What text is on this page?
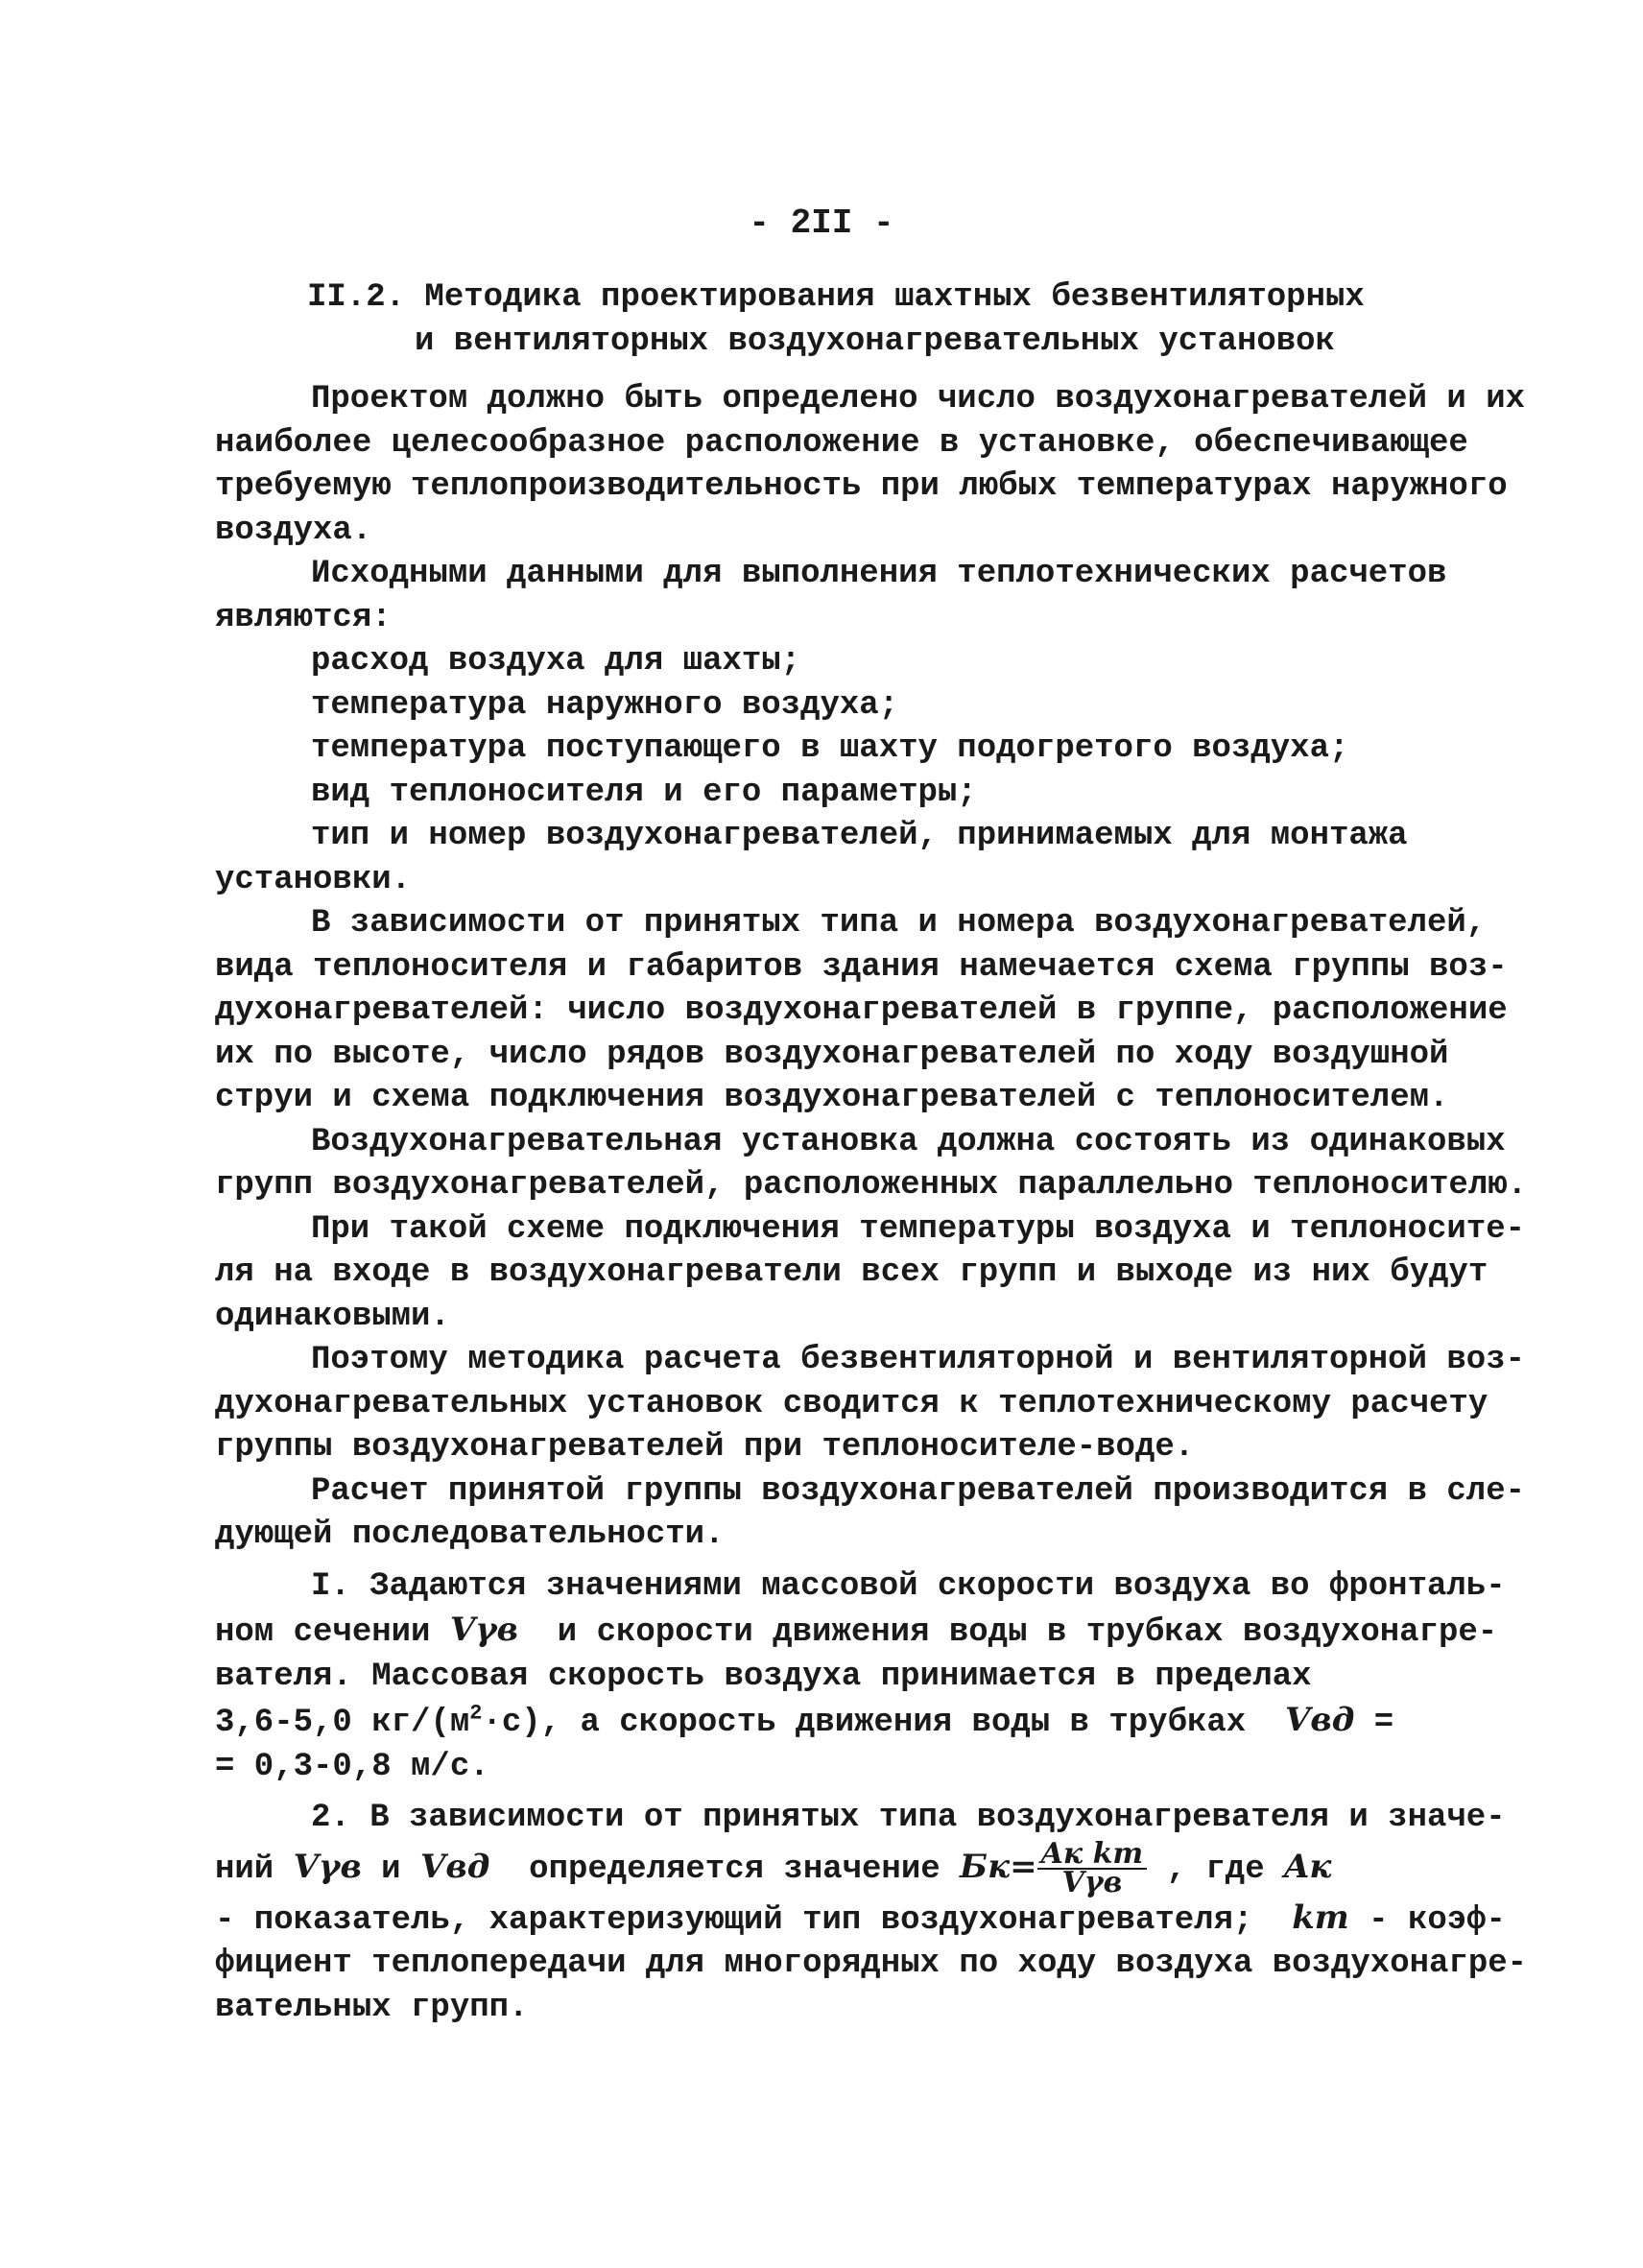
- 2II -
II.2. Методика проектирования шахтных безвентиляторных
и вентиляторных воздухонагревательных установок
Проектом должно быть определено число воздухонагревателей и их
наиболее целесообразное расположение в установке, обеспечивающее
требуемую теплопроизводительность при любых температурах наружного
воздуха.
Исходными данными для выполнения теплотехнических расчетов
являются:
расход воздуха для шахты;
температура наружного воздуха;
температура поступающего в шахту подогретого воздуха;
вид теплоносителя и его параметры;
тип и номер воздухонагревателей, принимаемых для монтажа
установки.
В зависимости от принятых типа и номера воздухонагревателей,
вида теплоносителя и габаритов здания намечается схема группы воз-
духонагревателей: число воздухонагревателей в группе, расположение
их по высоте, число рядов воздухонагревателей по ходу воздушной
струи и схема подключения воздухонагревателей с теплоносителем.
Воздухонагревательная установка должна состоять из одинаковых
групп воздухонагревателей, расположенных параллельно теплоносителю.
При такой схеме подключения температуры воздуха и теплоносите-
ля на входе в воздухонагреватели всех групп и выходе из них будут
одинаковыми.
Поэтому методика расчета безвентиляторной и вентиляторной воз-
духонагревательных установок сводится к теплотехническому расчету
группы воздухонагревателей при теплоносителе-воде.
Расчет принятой группы воздухонагревателей производится в сле-
дующей последовательности.
I. Задаются значениями массовой скорости воздуха во фронталь-
ном сечении Vγв  и скорости движения воды в трубках воздухонагре-
вателя. Массовая скорость воздуха принимается в пределах
3,6-5,0 $кг/(м^2\cdot с)$, а скорость движения воды в трубках  Vвд =
= 0,3-0,8 м/с.
2. В зависимости от принятых типа воздухонагревателя и значе-
ний Vγв и Vвд  определяется значение $Бк= \frac{\text{Aк kт}}{\text{Vγв}}$ , где Aк
- показатель, характеризующий тип воздухонагревателя;  kт - коэф-
фициент теплопередачи для многорядных по ходу воздуха воздухонагре-
вательных групп.
